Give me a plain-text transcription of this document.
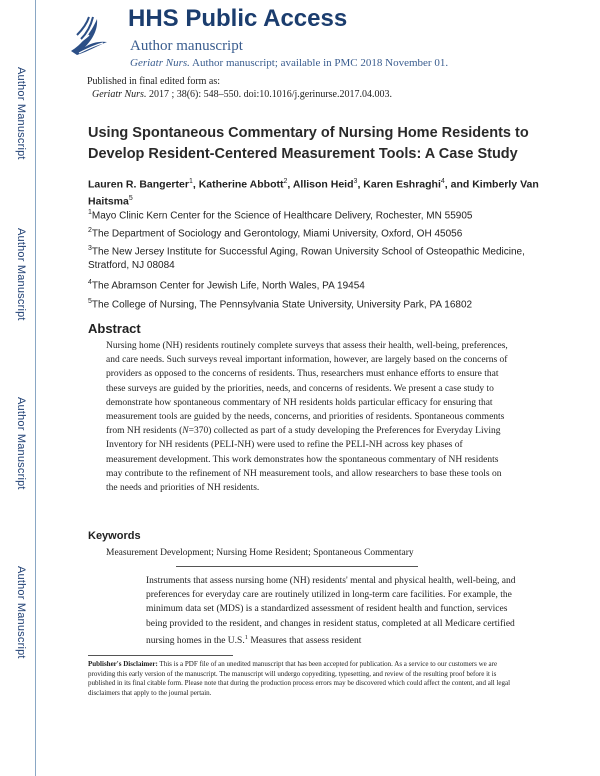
Author Manuscript
Author Manuscript
Author Manuscript
Author Manuscript
HHS Public Access
Author manuscript
Geriatr Nurs. Author manuscript; available in PMC 2018 November 01.
Published in final edited form as:
Geriatr Nurs. 2017 ; 38(6): 548–550. doi:10.1016/j.gerinurse.2017.04.003.
Using Spontaneous Commentary of Nursing Home Residents to Develop Resident-Centered Measurement Tools: A Case Study
Lauren R. Bangerter$^1$, Katherine Abbott$^2$, Allison Heid$^3$, Karen Eshraghi$^4$, and Kimberly Van Haitsma$^5$
$^1$Mayo Clinic Kern Center for the Science of Healthcare Delivery, Rochester, MN 55905
$^2$The Department of Sociology and Gerontology, Miami University, Oxford, OH 45056
$^3$The New Jersey Institute for Successful Aging, Rowan University School of Osteopathic Medicine, Stratford, NJ 08084
$^4$The Abramson Center for Jewish Life, North Wales, PA 19454
$^5$The College of Nursing, The Pennsylvania State University, University Park, PA 16802
Abstract
Nursing home (NH) residents routinely complete surveys that assess their health, well-being, preferences, and care needs. Such surveys reveal important information, however, are largely based on the concerns of providers as opposed to the concerns of residents. Thus, researchers must enhance efforts to ensure that these surveys are guided by the priorities, needs, and concerns of residents. We present a case study to demonstrate how spontaneous commentary of NH residents holds particular efficacy for ensuring that measurement tools are guided by the needs, concerns, and priorities of residents. Spontaneous comments from NH residents (N=370) collected as part of a study developing the Preferences for Everyday Living Inventory for NH residents (PELI-NH) were used to refine the PELI-NH across key phases of measurement development. This work demonstrates how the spontaneous commentary of NH residents may contribute to the refinement of NH measurement tools, and allow researchers to base these tools on the needs and priorities of NH residents.
Keywords
Measurement Development; Nursing Home Resident; Spontaneous Commentary
Instruments that assess nursing home (NH) residents' mental and physical health, well-being, and preferences for everyday care are routinely utilized in long-term care facilities. For example, the minimum data set (MDS) is a standardized assessment of resident health and function, services being provided to the resident, and changes in resident status, completed at all Medicare certified nursing homes in the U.S.$^1$ Measures that assess resident
Publisher's Disclaimer: This is a PDF file of an unedited manuscript that has been accepted for publication. As a service to our customers we are providing this early version of the manuscript. The manuscript will undergo copyediting, typesetting, and review of the resulting proof before it is published in its final citable form. Please note that during the production process errors may be discovered which could affect the content, and all legal disclaimers that apply to the journal pertain.
